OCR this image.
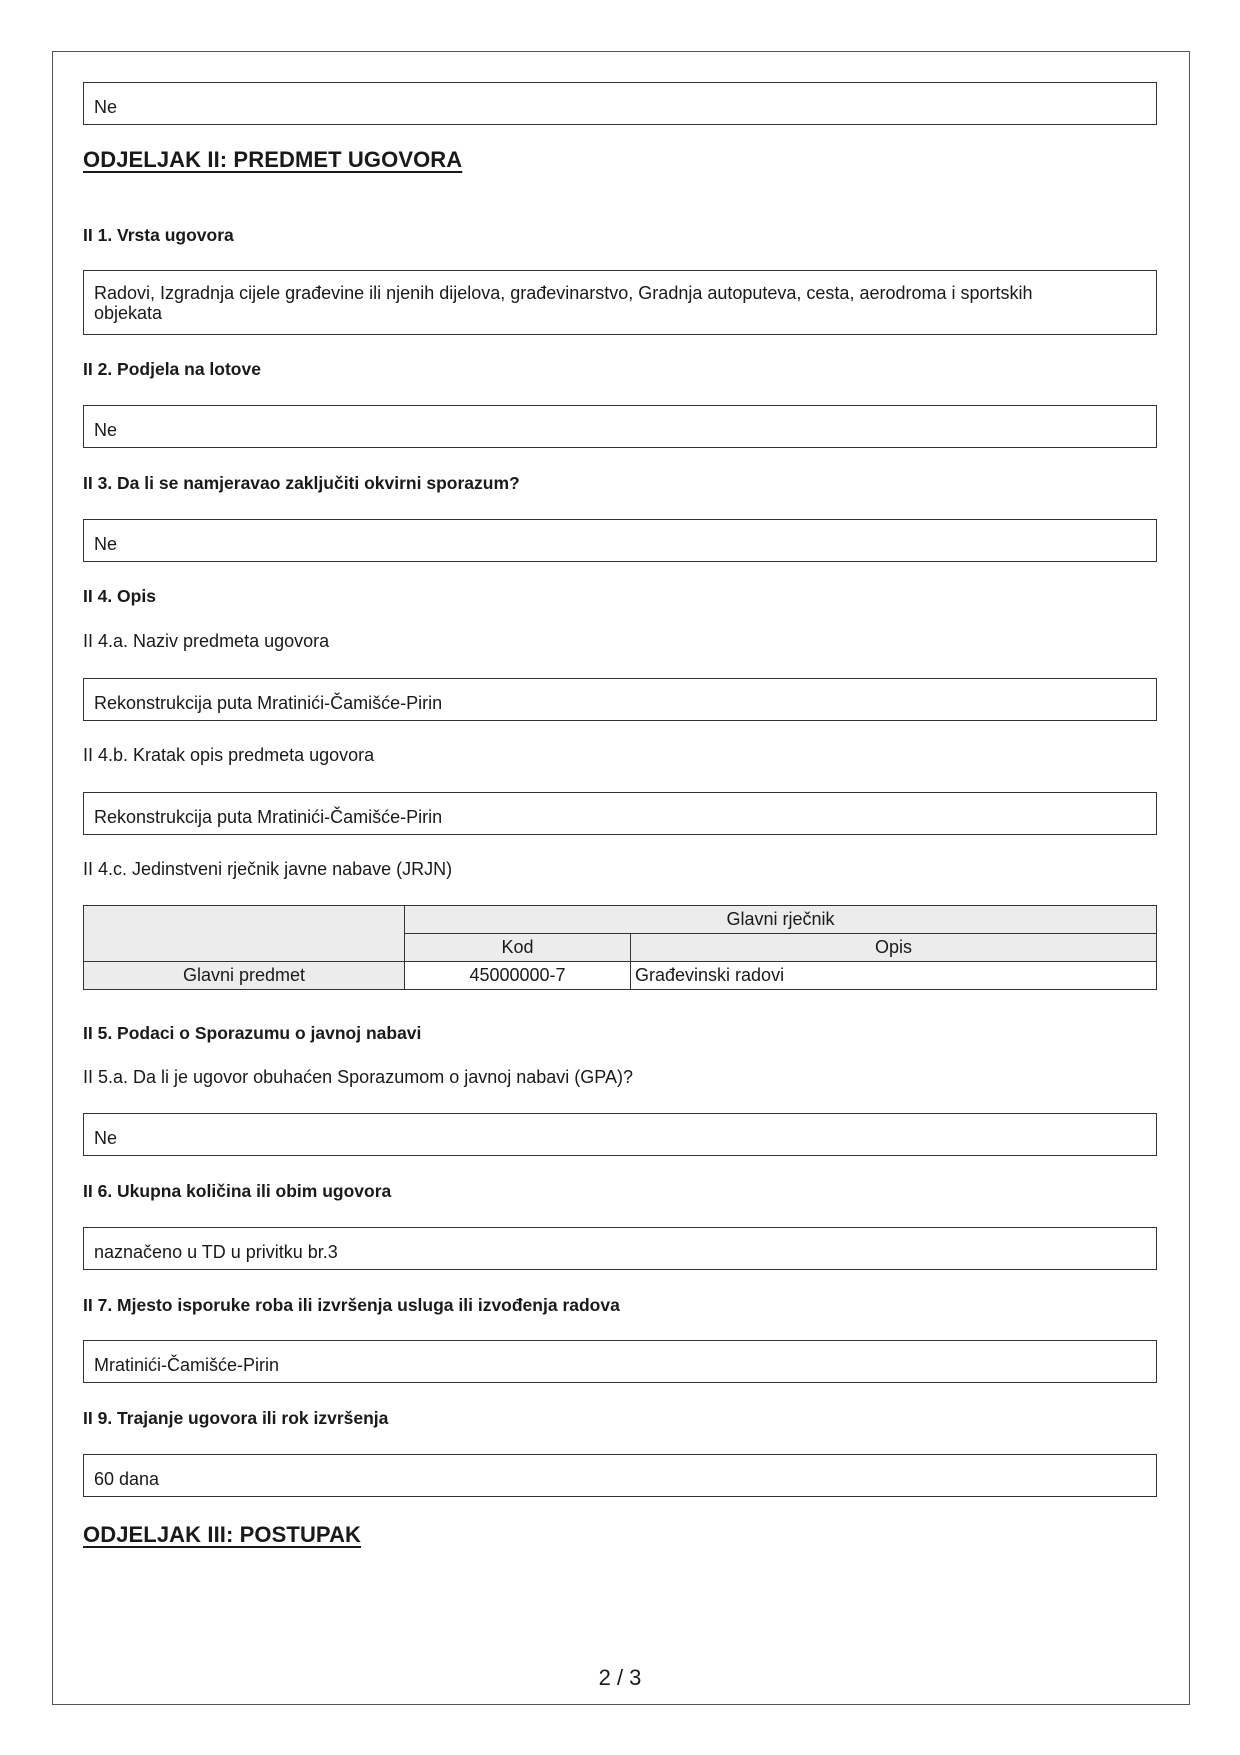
Ne
ODJELJAK II: PREDMET UGOVORA
II 1. Vrsta ugovora
Radovi, Izgradnja cijele građevine ili njenih dijelova, građevinarstvo, Gradnja autoputeva, cesta, aerodroma i sportskih
objekata
II 2. Podjela na lotove
Ne
II 3. Da li se namjeravao zaključiti okvirni sporazum?
Ne
II 4. Opis
II 4.a. Naziv predmeta ugovora
Rekonstrukcija puta Mratinići-Čamišće-Pirin
II 4.b. Kratak opis predmeta ugovora
Rekonstrukcija puta Mratinići-Čamišće-Pirin
II 4.c. Jedinstveni rječnik javne nabave (JRJN)
	Glavni rječnik	
	Kod	Opis
Glavni predmet	45000000-7	Građevinski radovi
II 5. Podaci o Sporazumu o javnoj nabavi
II 5.a. Da li je ugovor obuhaćen Sporazumom o javnoj nabavi (GPA)?
Ne
II 6. Ukupna količina ili obim ugovora
naznačeno u TD u privitku br.3
II 7. Mjesto isporuke roba ili izvršenja usluga ili izvođenja radova
Mratinići-Čamišće-Pirin
II 9. Trajanje ugovora ili rok izvršenja
60 dana
ODJELJAK III: POSTUPAK
2 / 3
